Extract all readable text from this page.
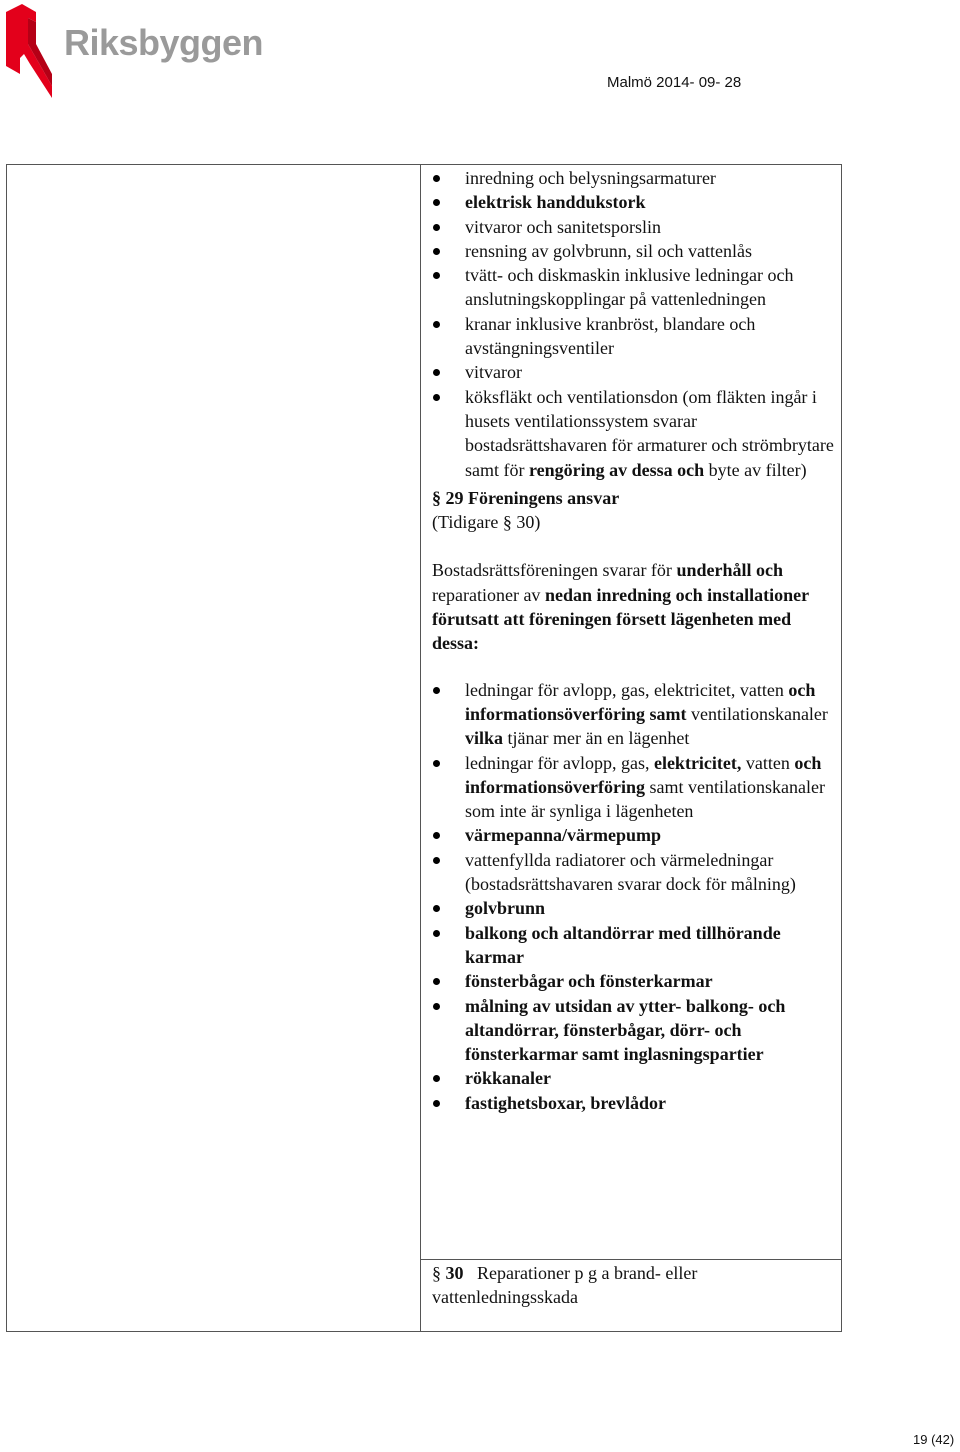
Riksbyggen
Malmö 2014- 09- 28
inredning och belysningsarmaturer
elektrisk handdukstork
vitvaror och sanitetsporslin
rensning av golvbrunn, sil och vattenlås
tvätt- och diskmaskin inklusive ledningar och anslutningskopplingar på vattenledningen
kranar inklusive kranbröst, blandare och avstängningsventiler
vitvaror
köksfläkt och ventilationsdon (om fläkten ingår i husets ventilationssystem svarar bostadsrättshavaren för armaturer och strömbrytare samt för rengöring av dessa och byte av filter)

§ 29 Föreningens ansvar

(Tidigare § 30)

Bostadsrättsföreningen svarar för underhåll och reparationer av nedan inredning och installationer förutsatt att föreningen försett lägenheten med dessa:

ledningar för avlopp, gas, elektricitet, vatten och informationsöverföring samt ventilationskanaler vilka tjänar mer än en lägenhet
ledningar för avlopp, gas, elektricitet, vatten och informationsöverföring samt ventilationskanaler som inte är synliga i lägenheten
värmepanna/värmepump
vattenfyllda radiatorer och värmeledningar (bostadsrättshavaren svarar dock för målning)
golvbrunn
balkong och altandörrar med tillhörande karmar
fönsterbågar och fönsterkarmar
målning av utsidan av ytter- balkong- och altandörrar, fönsterbågar, dörr- och fönsterkarmar samt inglasningspartier
rökkanaler
fastighetsboxar, brevlådor

§ 30 Reparationer p g a brand- eller vattenledningsskada

19 (42)
